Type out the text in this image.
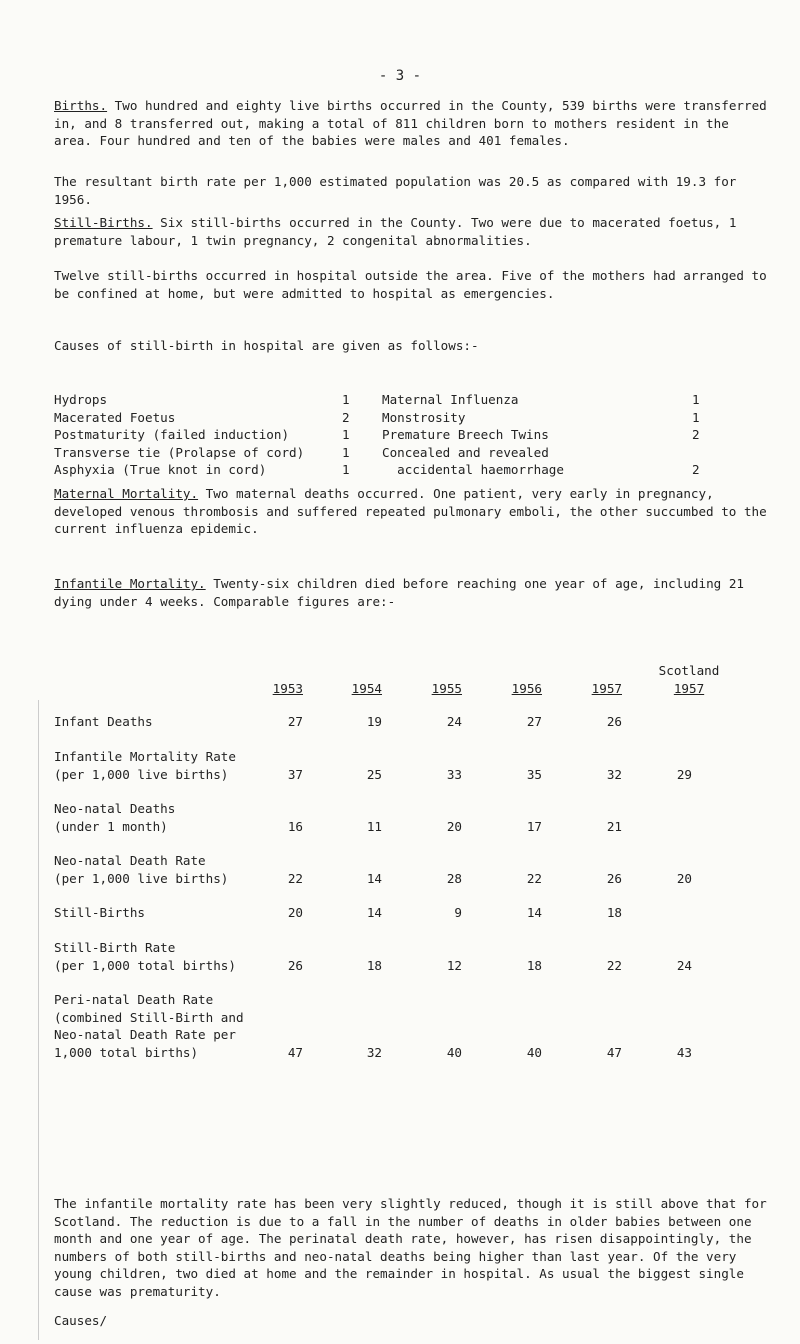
- 3 -

Births. Two hundred and eighty live births occurred in the County, 539 births were transferred in, and 8 transferred out, making a total of 811 children born to mothers resident in the area. Four hundred and ten of the babies were males and 401 females.

The resultant birth rate per 1,000 estimated population was 20.5 as compared with 19.3 for 1956.

Still-Births. Six still-births occurred in the County. Two were due to macerated foetus, 1 premature labour, 1 twin pregnancy, 2 congenital abnormalities.

Twelve still-births occurred in hospital outside the area. Five of the mothers had arranged to be confined at home, but were admitted to hospital as emergencies.

Causes of still-birth in hospital are given as follows:-

Hydrops	1	Maternal Influenza	1
Macerated Foetus	2	Monstrosity	1
Postmaturity (failed induction)	1	Premature Breech Twins	2
Transverse tie (Prolapse of cord)	1	Concealed and revealed
Asphyxia (True knot in cord)	1	accidental haemorrhage	2

Maternal Mortality. Two maternal deaths occurred. One patient, very early in pregnancy, developed venous thrombosis and suffered repeated pulmonary emboli, the other succumbed to the current influenza epidemic.

Infantile Mortality. Twenty-six children died before reaching one year of age, including 21 dying under 4 weeks. Comparable figures are:-

1953	1954	1955	1956	1957
Scotland
1957
Infant Deaths	27	19	24	27	26
Infantile Mortality Rate
(per 1,000 live births)	37	25	33	35	32	29
Neo-natal Deaths
(under 1 month)	16	11	20	17	21
Neo-natal Death Rate
(per 1,000 live births)	22	14	28	22	26	20
Still-Births	20	14	9	14	18
Still-Birth Rate
(per 1,000 total births)	26	18	12	18	22	24
Peri-natal Death Rate
(combined Still-Birth and
Neo-natal Death Rate per
1,000 total births)	47	32	40	40	47	43

The infantile mortality rate has been very slightly reduced, though it is still above that for Scotland. The reduction is due to a fall in the number of deaths in older babies between one month and one year of age. The perinatal death rate, however, has risen disappointingly, the numbers of both still-births and neo-natal deaths being higher than last year. Of the very young children, two died at home and the remainder in hospital. As usual the biggest single cause was prematurity.

Causes/
